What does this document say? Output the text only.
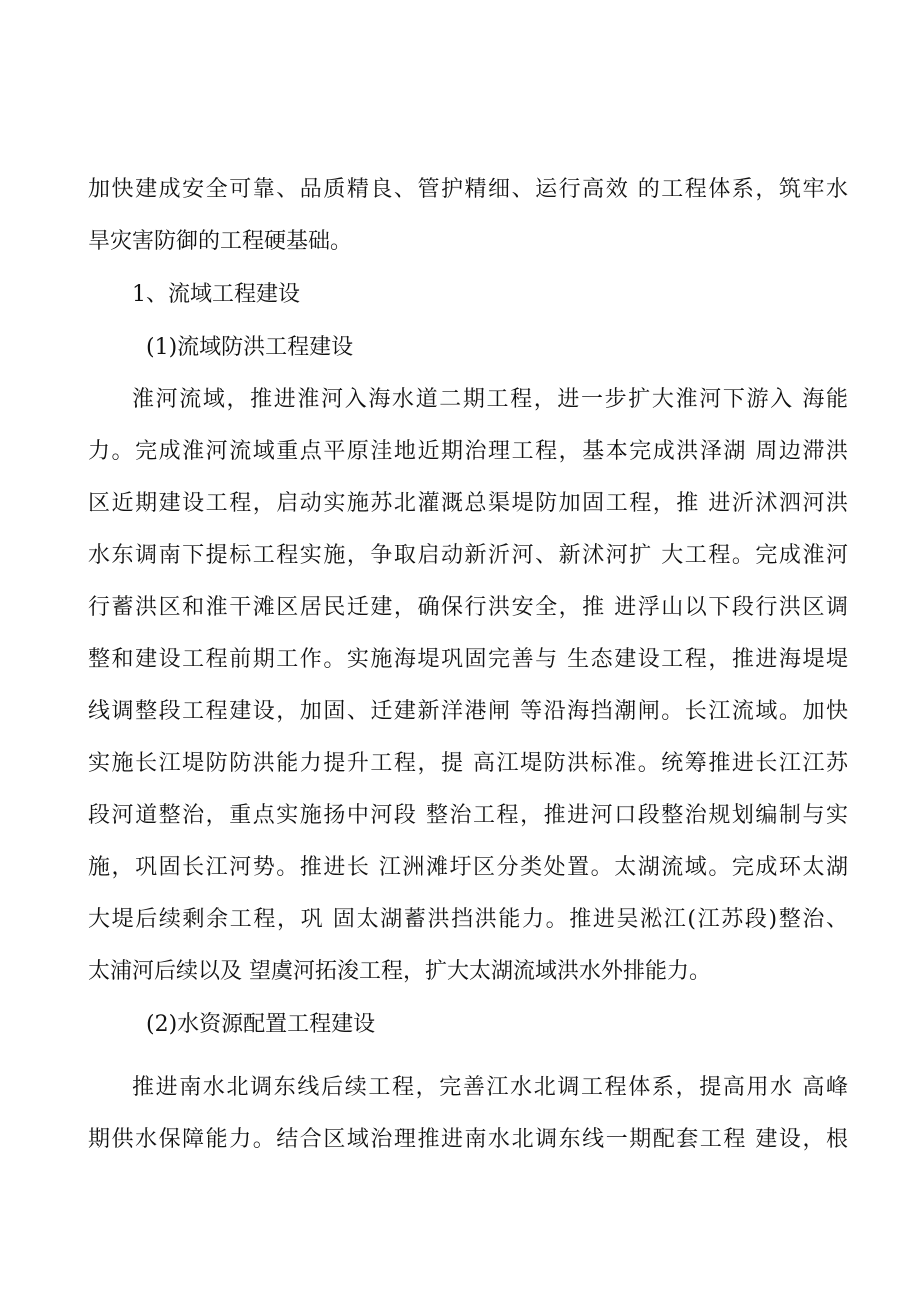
加快建成安全可靠、品质精良、管护精细、运行高效 的工程体系，筑牢水
旱灾害防御的工程硬基础。
1、流域工程建设
(1)流域防洪工程建设
淮河流域，推进淮河入海水道二期工程，进一步扩大淮河下游入 海能
力。完成淮河流域重点平原洼地近期治理工程，基本完成洪泽湖 周边滞洪
区近期建设工程，启动实施苏北灌溉总渠堤防加固工程，推 进沂沭泗河洪
水东调南下提标工程实施，争取启动新沂河、新沭河扩 大工程。完成淮河
行蓄洪区和淮干滩区居民迁建，确保行洪安全，推 进浮山以下段行洪区调
整和建设工程前期工作。实施海堤巩固完善与 生态建设工程，推进海堤堤
线调整段工程建设，加固、迁建新洋港闸 等沿海挡潮闸。长江流域。加快
实施长江堤防防洪能力提升工程，提 高江堤防洪标准。统筹推进长江江苏
段河道整治，重点实施扬中河段 整治工程，推进河口段整治规划编制与实
施，巩固长江河势。推进长 江洲滩圩区分类处置。太湖流域。完成环太湖
大堤后续剩余工程，巩 固太湖蓄洪挡洪能力。推进吴淞江(江苏段)整治、
太浦河后续以及 望虞河拓浚工程，扩大太湖流域洪水外排能力。
(2)水资源配置工程建设
推进南水北调东线后续工程，完善江水北调工程体系，提高用水 高峰
期供水保障能力。结合区域治理推进南水北调东线一期配套工程 建设，根
